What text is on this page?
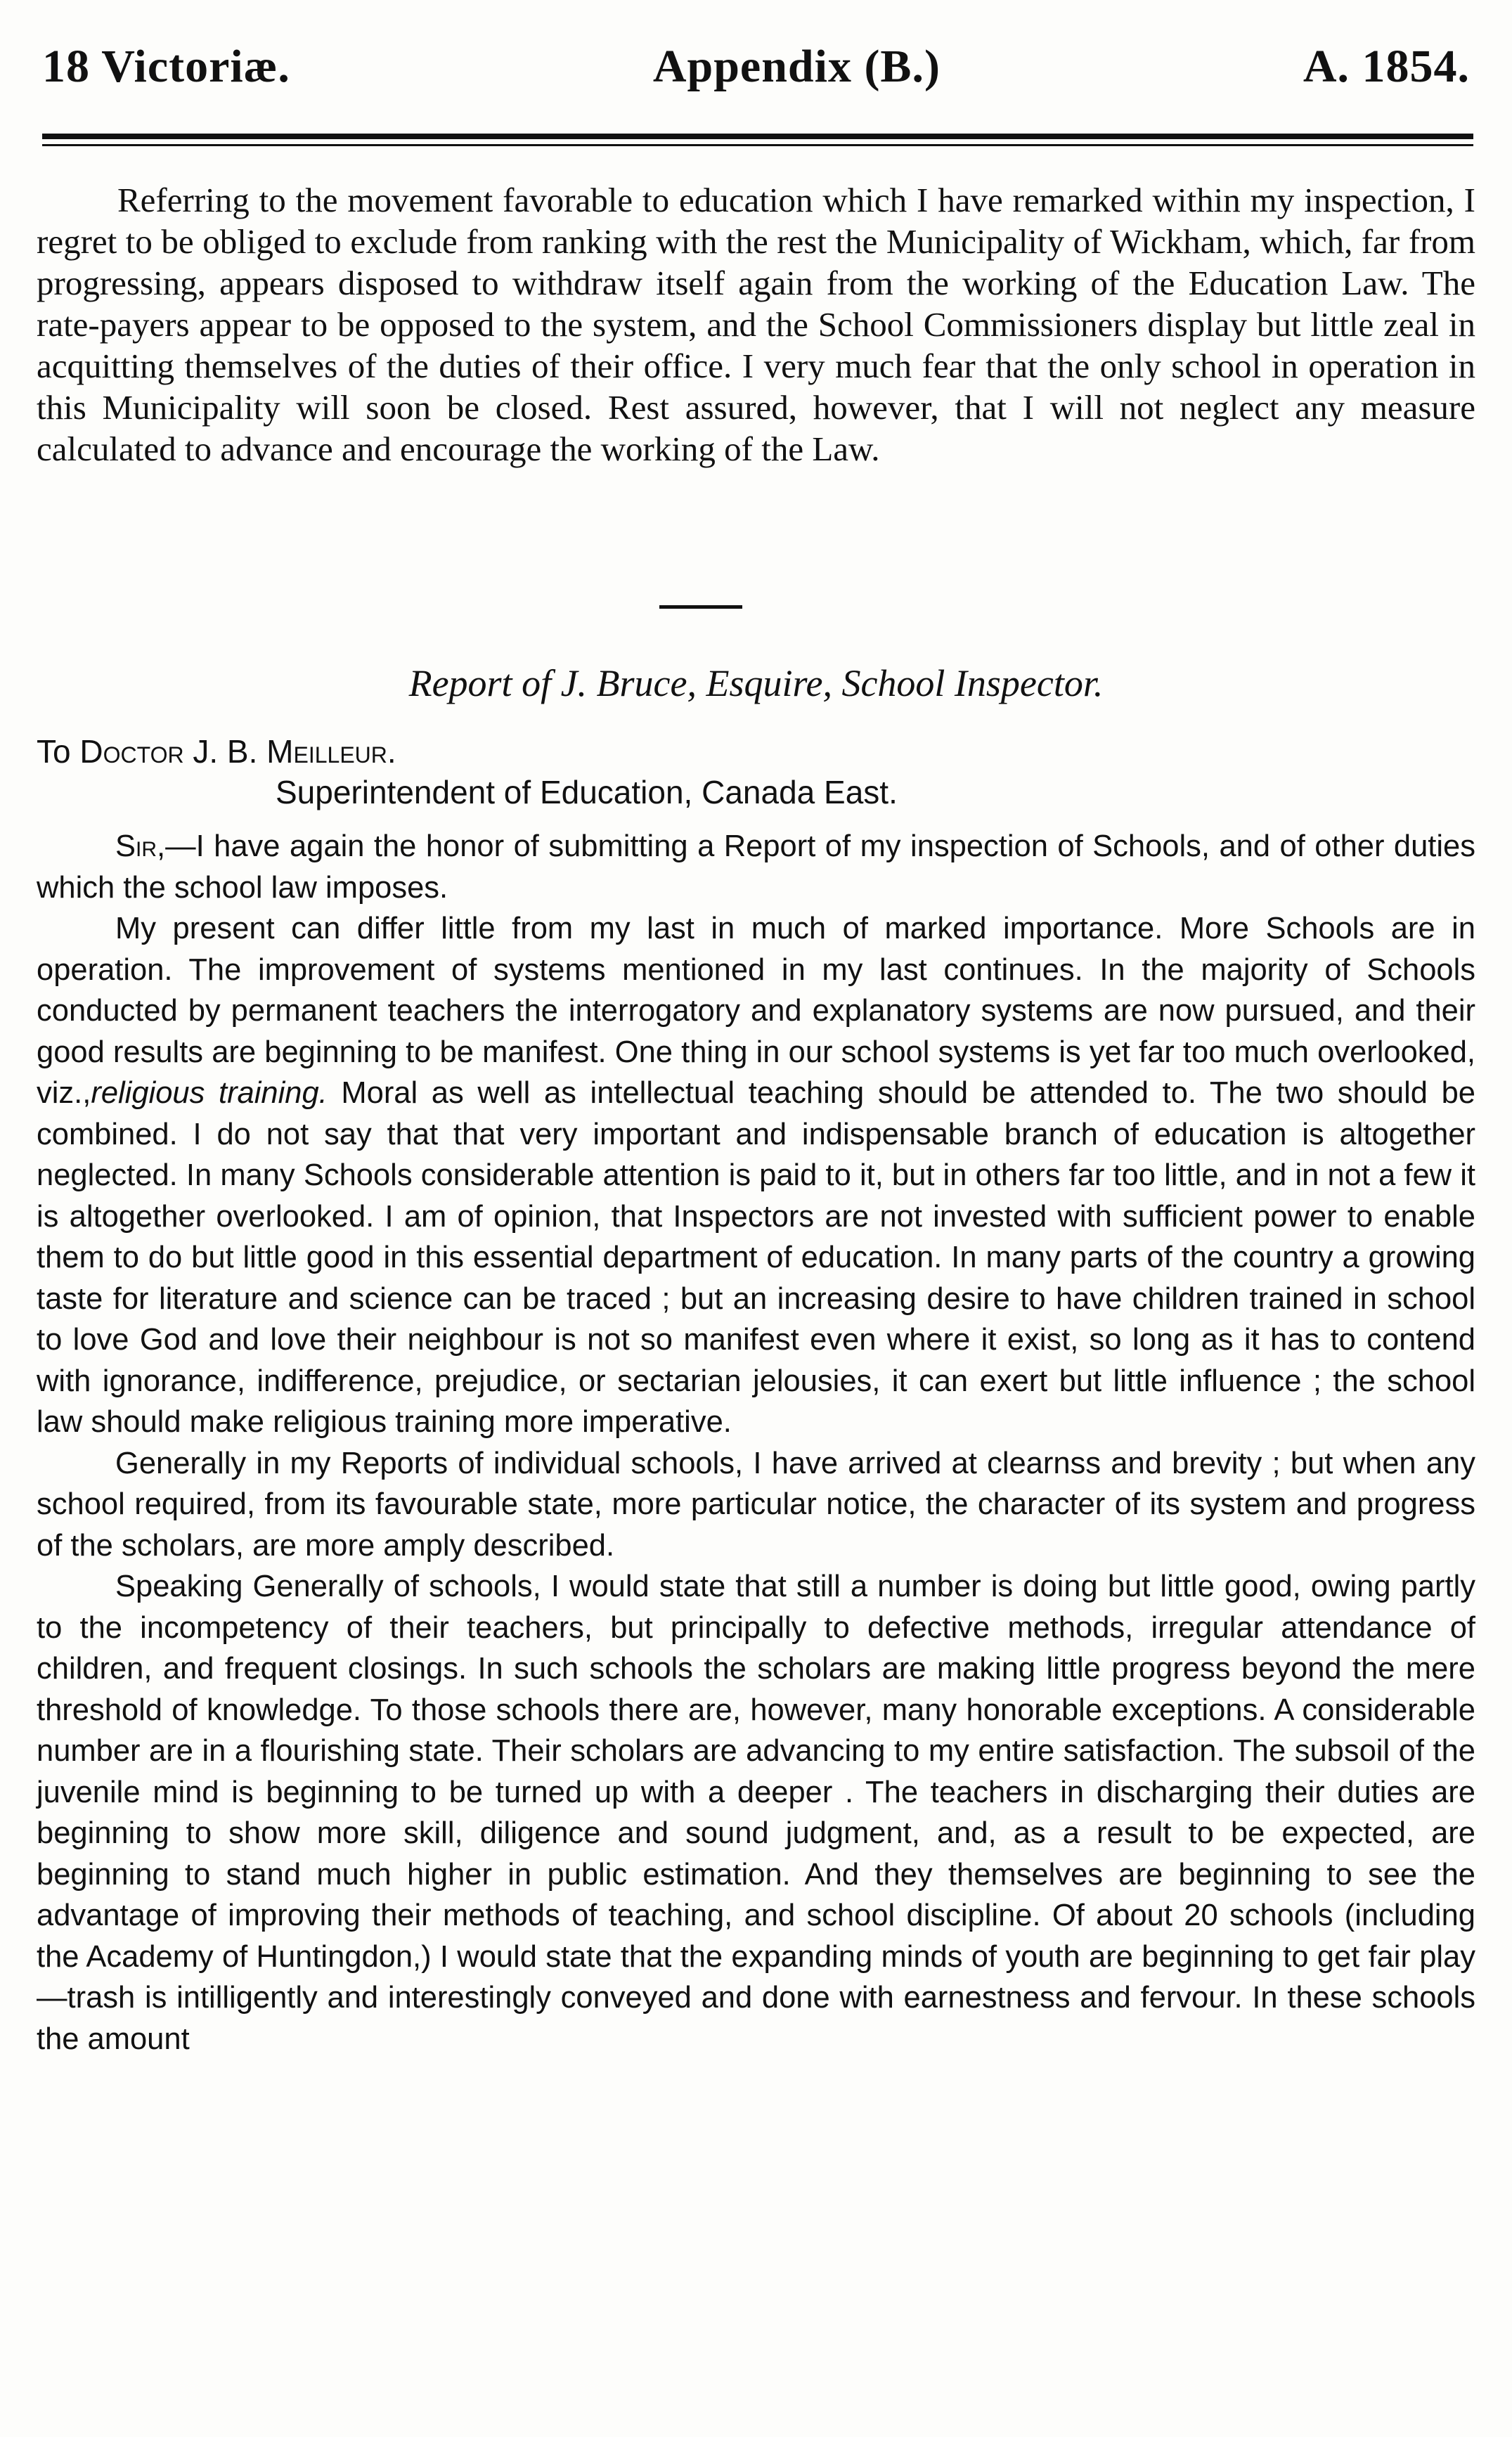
18 Victoriæ.	Appendix (B.)	A. 1854.
Referring to the movement favorable to education which I have remarked within my inspection, I regret to be obliged to exclude from ranking with the rest the Municipality of Wickham, which, far from progressing, appears disposed to withdraw itself again from the working of the Education Law. The rate-payers appear to be opposed to the system, and the School Commissioners display but little zeal in acquitting themselves of the duties of their office. I very much fear that the only school in operation in this Municipality will soon be closed. Rest assured, however, that I will not neglect any measure calculated to advance and encourage the working of the Law.
Report of J. Bruce, Esquire, School Inspector.
To Doctor J. B. Meilleur.
Superintendent of Education, Canada East.

Sir,—I have again the honor of submitting a Report of my inspection of Schools, and of other duties which the school law imposes.

My present can differ little from my last in much of marked importance. More Schools are in operation. The improvement of systems mentioned in my last continues. In the majority of Schools conducted by permanent teachers the interrogatory and explanatory systems are now pursued, and their good results are beginning to be manifest. One thing in our school systems is yet far too much overlooked, viz.,religious training. Moral as well as intellectual teaching should be attended to. The two should be combined. I do not say that that very important and indispensable branch of education is altogether neglected. In many Schools considerable attention is paid to it, but in others far too little, and in not a few it is altogether overlooked. I am of opinion, that Inspectors are not invested with sufficient power to enable them to do but little good in this essential department of education. In many parts of the country a growing taste for literature and science can be traced ; but an increasing desire to have children trained in school to love God and love their neighbour is not so manifest even where it exist, so long as it has to contend with ignorance, indifference, prejudice, or sectarian jelousies, it can exert but little influence ; the school law should make religious training more imperative.

Generally in my Reports of individual schools, I have arrived at clearnss and brevity ; but when any school required, from its favourable state, more particular notice, the character of its system and progress of the scholars, are more amply described.

Speaking Generally of schools, I would state that still a number is doing but little good, owing partly to the incompetency of their teachers, but principally to defective methods, irregular attendance of children, and frequent closings. In such schools the scholars are making little progress beyond the mere threshold of knowledge. To those schools there are, however, many honorable exceptions. A considerable number are in a flourishing state. Their scholars are advancing to my entire satisfaction. The subsoil of the juvenile mind is beginning to be turned up with a deeper . The teachers in discharging their duties are beginning to show more skill, diligence and sound judgment, and, as a result to be expected, are beginning to stand much higher in public estimation. And they themselves are beginning to see the advantage of improving their methods of teaching, and school discipline. Of about 20 schools (including the Academy of Huntingdon,) I would state that the expanding minds of youth are beginning to get fair play—trash is intilligently and interestingly conveyed and done with earnestness and fervour. In these schools the amount
